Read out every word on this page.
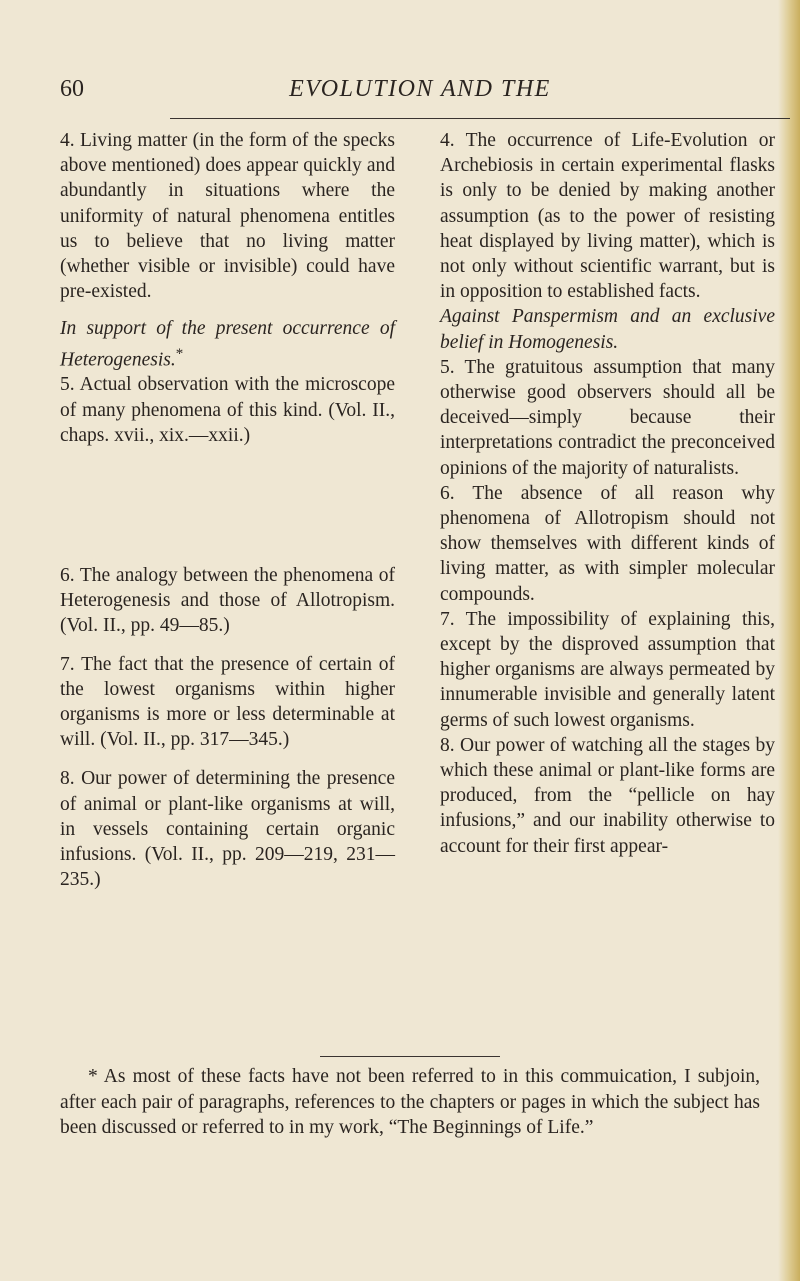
60	EVOLUTION AND THE

4. Living matter (in the form of the specks above mentioned) does appear quickly and abundantly in situations where the uniformity of natural phenomena entitles us to believe that no living matter (whether visible or invisible) could have pre-existed.

In support of the present occurrence of Heterogenesis.*

5. Actual observation with the microscope of many phenomena of this kind. (Vol. II., chaps. xvii., xix.—xxii.)

6. The analogy between the phenomena of Heterogenesis and those of Allotropism. (Vol. II., pp. 49—85.)

7. The fact that the presence of certain of the lowest organisms within higher organisms is more or less determinable at will. (Vol. II., pp. 317—345.)

8. Our power of determining the presence of animal or plant-like organisms at will, in vessels containing certain organic infusions. (Vol. II., pp. 209—219, 231—235.)

4. The occurrence of Life-Evolution or Archebiosis in certain experimental flasks is only to be denied by making another assumption (as to the power of resisting heat displayed by living matter), which is not only without scientific warrant, but is in opposition to established facts.

Against Panspermism and an exclusive belief in Homogenesis.

5. The gratuitous assumption that many otherwise good observers should all be deceived—simply because their interpretations contradict the preconceived opinions of the majority of naturalists.

6. The absence of all reason why phenomena of Allotropism should not show themselves with different kinds of living matter, as with simpler molecular compounds.

7. The impossibility of explaining this, except by the disproved assumption that higher organisms are always permeated by innumerable invisible and generally latent germs of such lowest organisms.

8. Our power of watching all the stages by which these animal or plant-like forms are produced, from the “pellicle on hay infusions,” and our inability otherwise to account for their first appear-

* As most of these facts have not been referred to in this commuication, I subjoin, after each pair of paragraphs, references to the chapters or pages in which the subject has been discussed or referred to in my work, “The Beginnings of Life.”
